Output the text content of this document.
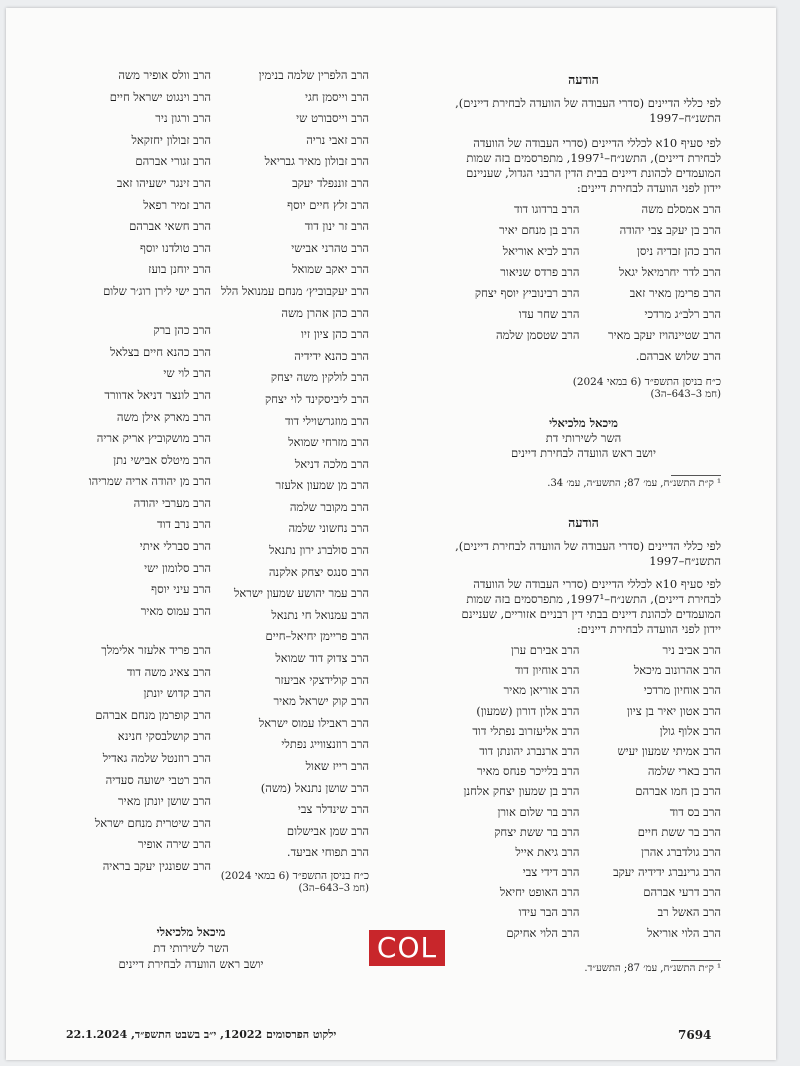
הודעה
לפי כללי הדיינים (סדרי העבודה של הוועדה לבחירת דיינים), התשנ״ח–1997
לפי סעיף 10א לכללי הדיינים (סדרי העבודה של הוועדה לבחירת דיינים), התשנ״ח–1997¹, מתפרסמים בזה שמות המועמדים לכהונת דיינים בבית הדין הרבני הגדול, שעניינם יידון לפני הוועדה לבחירת דיינים:
הרב אמסלם משה
הרב ברדוגו דוד
הרב בן יעקב צבי יהודה
הרב בן מנחם יאיר
הרב כהן זבדיה ניסן
הרב לביא אוריאל
הרב לדר יחרמיאל יגאל
הרב פרדס שניאור
הרב פרימן מאיר זאב
הרב רבינוביץ יוסף יצחק
הרב רלב״ג מרדכי
הרב שחר עדו
הרב שטיינהויז יעקב מאיר
הרב שטסמן שלמה
הרב שלוש אברהם.
כ״ח בניסן התשפ״ד (6 במאי 2024)
(חמ 3–643–ה3)
מיכאל מלכיאלי
השר לשירותי דת
יושב ראש הוועדה לבחירת דיינים
¹ ק״ת התשנ״ח, עמ׳ 87; התשע״ה, עמ׳ 34.
הודעה
לפי כללי הדיינים (סדרי העבודה של הוועדה לבחירת דיינים), התשנ״ח–1997
לפי סעיף 10א לכללי הדיינים (סדרי העבודה של הוועדה לבחירת דיינים), התשנ״ח–1997¹, מתפרסמים בזה שמות המועמדים לכהונת דיינים בבתי דין רבניים אזוריים, שעניינם יידון לפני הוועדה לבחירת דיינים:
הרב אביב ניר
הרב אבירם ערן
הרב אהרונוב מיכאל
הרב אוחיון דוד
הרב אוחיון מרדכי
הרב אוריאן מאיר
הרב אטון יאיר בן ציון
הרב אלון דורון (שמעון)
הרב אלוף גולן
הרב אליעזרוב נפתלי דוד
הרב אמיתי שמעון יעיש
הרב ארנברג יהונתן דוד
הרב בארי שלמה
הרב בלייכר פנחס מאיר
הרב בן חמו אברהם
הרב בן שמעון יצחק אלחנן
הרב בס דוד
הרב בר שלום אורן
הרב בר ששת חיים
הרב בר ששת יצחק
הרב גולדברג אהרן
הרב גיאת אייל
הרב גרינברג ידידיה יעקב
הרב דידי צבי
הרב דרעי אברהם
הרב האופט יחיאל
הרב האשל רב
הרב הבר עידו
הרב הלוי אוריאל
הרב הלוי אחיקם
¹ ק״ת התשנ״ח, עמ׳ 87; התשע״ד.
הרב הלפרין שלמה בנימין
הרב וייסמן חגי
הרב וייסבורט שי
הרב זאבי נריה
הרב זבולון מאיר גבריאל
הרב זוננפלד יעקב
הרב זלץ חיים יוסף
הרב זר ינון דוד
הרב טהרני אבישי
הרב יאקב שמואל
הרב יעקבוביץ׳ מנחם עמנואל הלל
הרב כהן אהרן משה
הרב כהן ציון זיו
הרב כהנא ידידיה
הרב לולקין משה יצחק
הרב ליביסקינד לוי יצחק
הרב מוזגרשוילי דוד
הרב מזרחי שמואל
הרב מלכה דניאל
הרב מן שמעון אלעזר
הרב מקובר שלמה
הרב נחשוני שלמה
הרב סולברג ירון נתנאל
הרב סנגס יצחק אלקנה
הרב עמר יהושע שמעון ישראל
הרב עמנואל חי נתנאל
הרב פריימן יחיאל–חיים
הרב צדוק דוד שמואל
הרב קולידצקי אביעזר
הרב קוק ישראל מאיר
הרב ראבילו עמוס ישראל
הרב רוזנצווייג נפתלי
הרב רייז שאול
הרב שושן נתנאל (משה)
הרב שינדלר צבי
הרב שמן אבישלום
הרב תפוחי אביעד.
כ״ח בניסן התשפ״ד (6 במאי 2024)
(חמ 3–643–ה3)
הרב וולס אופיר משה
הרב וינגוט ישראל חיים
הרב ורגון ניר
הרב זבולון יחזקאל
הרב זגורי אברהם
הרב זינגר ישעיהו זאב
הרב זמיר רפאל
הרב חשאי אברהם
הרב טולדנו יוסף
הרב יוחנן בועז
הרב ישי לירן רוג׳ר שלום
הרב כהן ברק
הרב כהנא חיים בצלאל
הרב לוי שי
הרב לונצר דניאל אדוורד
הרב מארק אילן משה
הרב מושקוביץ אריק אריה
הרב מיטלס אבישי נתן
הרב מן יהודה אריה שמריהו
הרב מערבי יהודה
הרב נרב דוד
הרב סברלי איתי
הרב סלומון ישי
הרב עיני יוסף
הרב עמוס מאיר
הרב פריד אלעזר אלימלך
הרב צאיג משה דוד
הרב קדוש יונתן
הרב קופרמן מנחם אברהם
הרב קושלבסקי חנינא
הרב רוזנטל שלמה גאדיל
הרב רטבי ישועה סעדיה
הרב שושן יונתן מאיר
הרב שיטרית מנחם ישראל
הרב שירה אופיר
הרב שפונגין יעקב בראיה
מיכאל מלכיאלי
השר לשירותי דת
יושב ראש הוועדה לבחירת דיינים	COL
7694
ילקוט הפרסומים 12022, י״ב בשבט התשפ״ד, 22.1.2024
